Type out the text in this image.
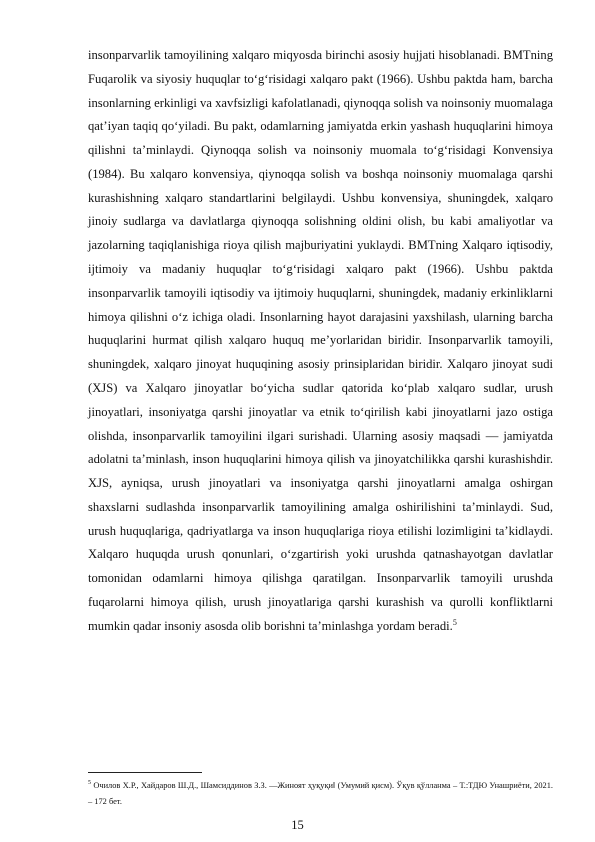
insonparvarlik tamoyilining xalqaro miqyosda birinchi asosiy hujjati hisoblanadi. BMTning Fuqarolik va siyosiy huquqlar to‘g‘risidagi xalqaro pakt (1966). Ushbu paktda ham, barcha insonlarning erkinligi va xavfsizligi kafolatlanadi, qiynoqqa solish va noinsoniy muomalaga qat’iyan taqiq qo‘yiladi. Bu pakt, odamlarning jamiyatda erkin yashash huquqlarini himoya qilishni ta’minlaydi. Qiynoqqa solish va noinsoniy muomala to‘g‘risidagi Konvensiya (1984). Bu xalqaro konvensiya, qiynoqqa solish va boshqa noinsoniy muomalaga qarshi kurashishning xalqaro standartlarini belgilaydi. Ushbu konvensiya, shuningdek, xalqaro jinoiy sudlarga va davlatlarga qiynoqqa solishning oldini olish, bu kabi amaliyotlar va jazolarning taqiqlanishiga rioya qilish majburiyatini yuklaydi. BMTning Xalqaro iqtisodiy, ijtimoiy va madaniy huquqlar to‘g‘risidagi xalqaro pakt (1966). Ushbu paktda insonparvarlik tamoyili iqtisodiy va ijtimoiy huquqlarni, shuningdek, madaniy erkinliklarni himoya qilishni o‘z ichiga oladi. Insonlarning hayot darajasini yaxshilash, ularning barcha huquqlarini hurmat qilish xalqaro huquq me’yorlaridan biridir. Insonparvarlik tamoyili, shuningdek, xalqaro jinoyat huquqining asosiy prinsiplaridan biridir. Xalqaro jinoyat sudi (XJS) va Xalqaro jinoyatlar bo‘yicha sudlar qatorida ko‘plab xalqaro sudlar, urush jinoyatlari, insoniyatga qarshi jinoyatlar va etnik to‘qirilish kabi jinoyatlarni jazo ostiga olishda, insonparvarlik tamoyilini ilgari surishadi. Ularning asosiy maqsadi — jamiyatda adolatni ta’minlash, inson huquqlarini himoya qilish va jinoyatchilikka qarshi kurashishdir. XJS, ayniqsa, urush jinoyatlari va insoniyatga qarshi jinoyatlarni amalga oshirgan shaxslarni sudlashda insonparvarlik tamoyilining amalga oshirilishini ta’minlaydi. Sud, urush huquqlariga, qadriyatlarga va inson huquqlariga rioya etilishi lozimligini ta’kidlaydi. Xalqaro huquqda urush qonunlari, o‘zgartirish yoki urushda qatnashayotgan davlatlar tomonidan odamlarni himoya qilishga qaratilgan. Insonparvarlik tamoyili urushda fuqarolarni himoya qilish, urush jinoyatlariga qarshi kurashish va qurolli konfliktlarni mumkin qadar insoniy asosda olib borishni ta’minlashga yordam beradi.$^5$

$^5$ Очилов Х.Р., Хайдаров Ш.Д., Шамсиддинов З.З. ―Жиноят ҳуқуқи‖ (Умумий қисм). Ўқув қўлланма – Т.:ТДЮ Унашриёти, 2021. – 172 бет.

15
